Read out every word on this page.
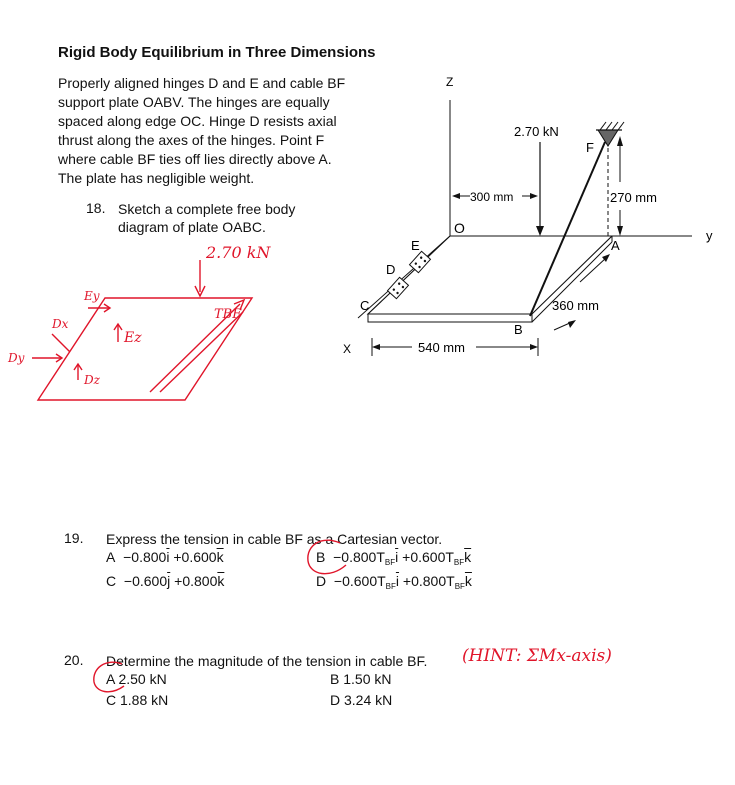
Rigid Body Equilibrium in Three Dimensions
Properly aligned hinges D and E and cable BF support plate OABV. The hinges are equally spaced along edge OC. Hinge D resists axial thrust along the axes of the hinges. Point F where cable BF ties off lies directly above A. The plate has negligible weight.
18. Sketch a complete free body diagram of plate OABC.
Z
y
X
2.70 kN
300 mm	270 mm
360 mm
540 mm
O
A
B
C
D
E
F
2.70 kN
TBF
Ey
Ez
Dx
Dy
Dz
19. Express the tension in cable BF as a Cartesian vector.
$A -0.800\overline{i} +0.600\overline{k}$
$C -0.600\overline{j} +0.800\overline{k}$
$B -0.800T_{BF}\overline{i} +0.600T_{BF}\overline{k}$
$D -0.600T_{BF}\overline{i} +0.800T_{BF}\overline{k}$
20. Determine the magnitude of the tension in cable BF. (HINT: ΣMx-axis)
A 2.50 kN
C 1.88 kN
B 1.50 kN
D 3.24 kN
